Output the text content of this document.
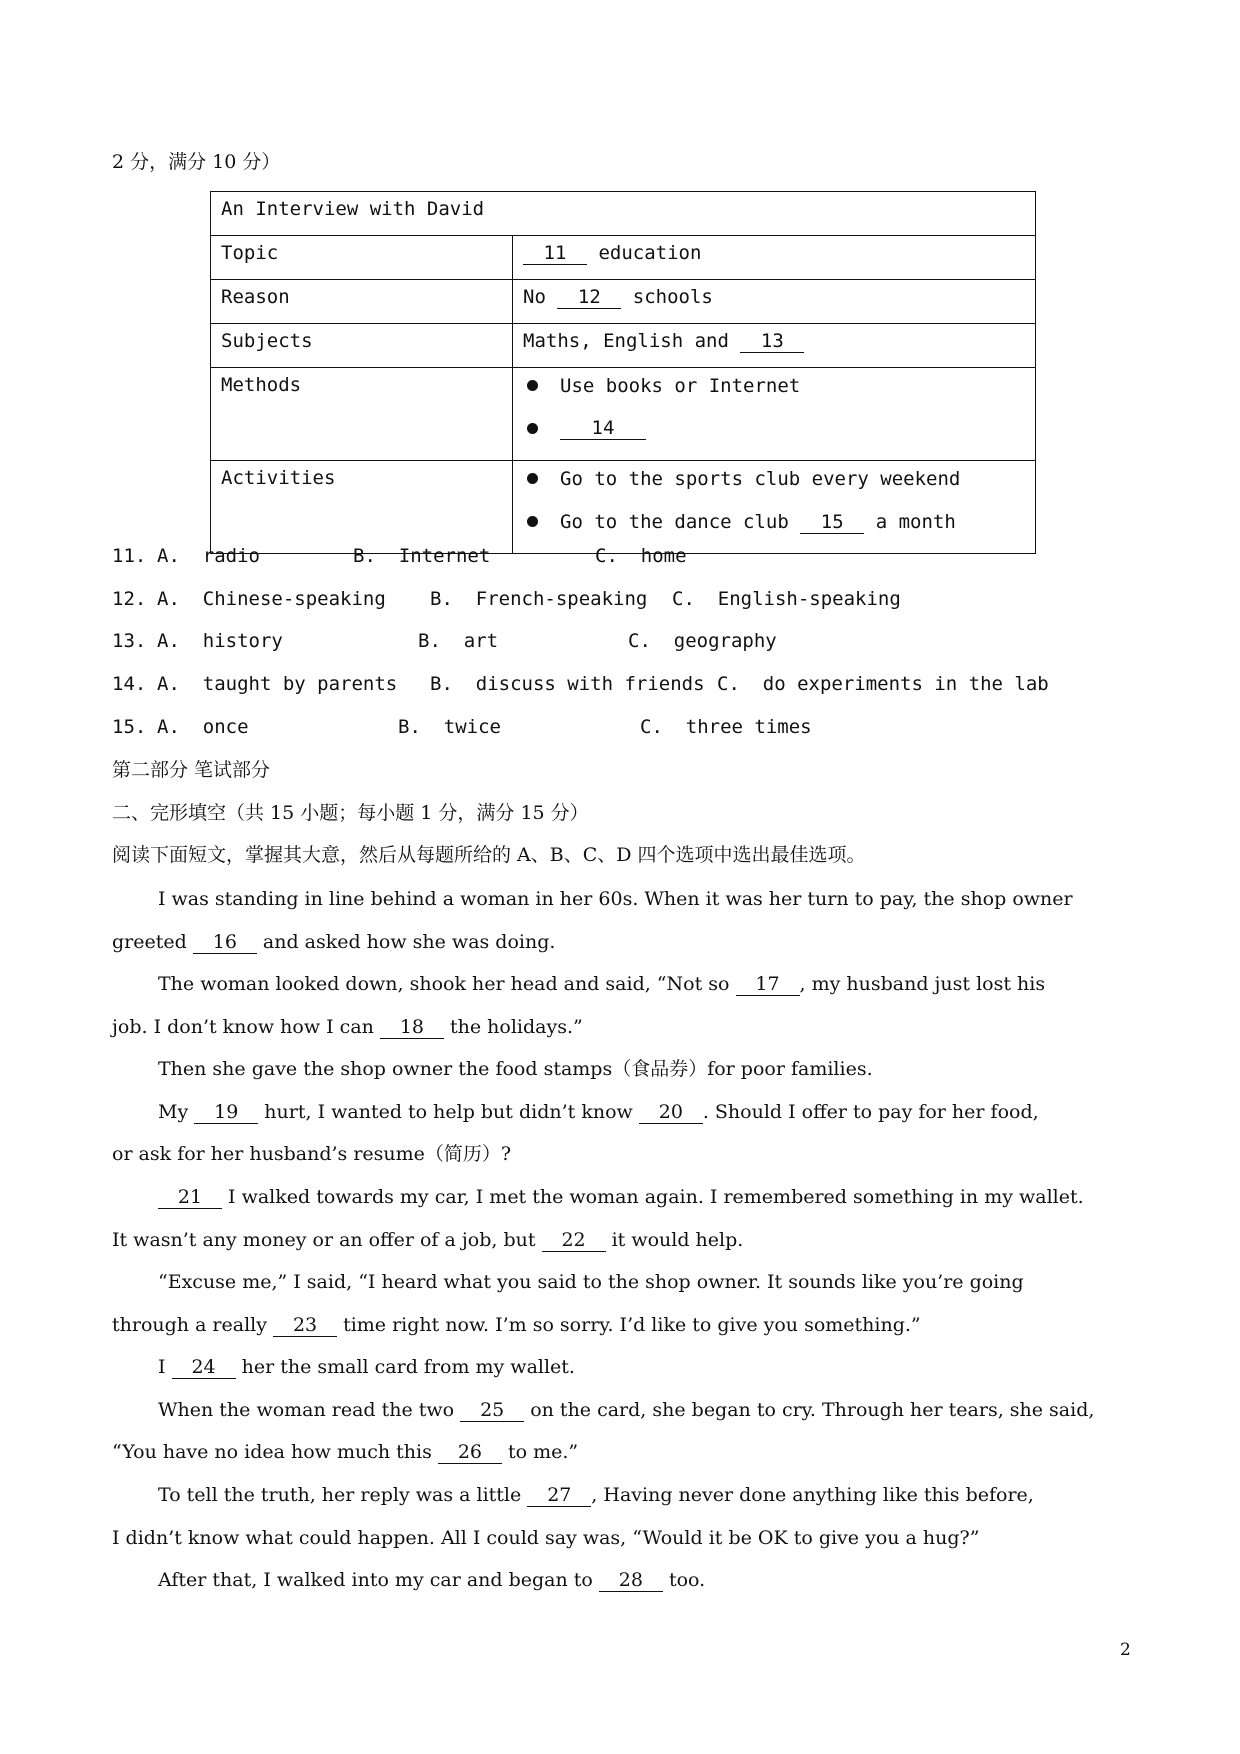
2 分，满分 10 分）
An Interview with David	
Topic	11 education
Reason	No 12 schools
Subjects	Maths, English and 13
Methods	Use books or Internet
14

Activities	Go to the sports club every weekend
Go to the dance club 15 a month
11. A.  radio	B.  Internet	C.  home
12. A.  Chinese-speaking B.  French-speaking C.  English-speaking
13. A.  history	B.  art	C.  geography
14. A.  taught by parents B.  discuss with friends C.  do experiments in the lab
15. A.  once	B.  twice	C.  three times
第二部分 笔试部分
二、完形填空（共 15 小题；每小题 1 分，满分 15 分）
阅读下面短文，掌握其大意，然后从每题所给的 A、B、C、D 四个选项中选出最佳选项。
I was standing in line behind a woman in her 60s. When it was her turn to pay, the shop owner
greeted 16 and asked how she was doing.
The woman looked down, shook her head and said, “Not so 17 , my husband just lost his
job. I don’t know how I can 18 the holidays.”
Then she gave the shop owner the food stamps（食品券）for poor families.
My 19 hurt, I wanted to help but didn’t know 20 . Should I offer to pay for her food,
or ask for her husband’s resume（简历）?
21 I walked towards my car, I met the woman again. I remembered something in my wallet.
It wasn’t any money or an offer of a job, but 22 it would help.
“Excuse me,” I said, “I heard what you said to the shop owner. It sounds like you’re going
through a really 23 time right now. I’m so sorry. I’d like to give you something.”
I 24 her the small card from my wallet.
When the woman read the two 25 on the card, she began to cry. Through her tears, she said,
“You have no idea how much this 26 to me.”
To tell the truth, her reply was a little 27 , Having never done anything like this before,
I didn’t know what could happen. All I could say was, “Would it be OK to give you a hug?”
After that, I walked into my car and began to 28 too.
2
